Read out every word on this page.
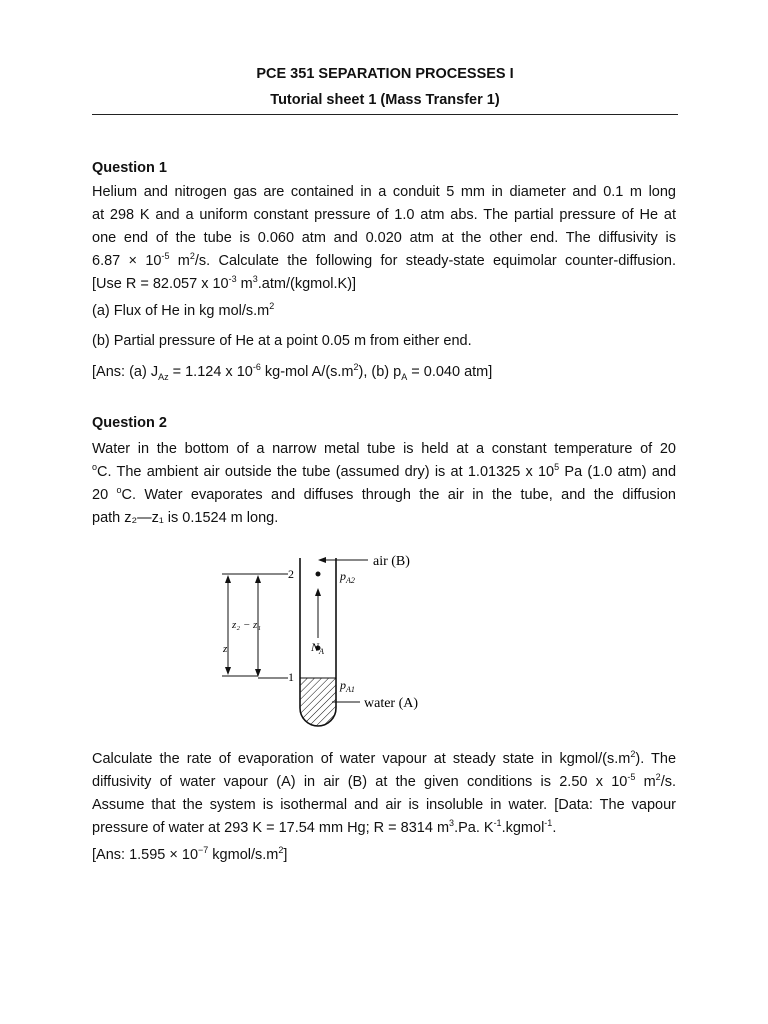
PCE 351 SEPARATION PROCESSES I
Tutorial sheet 1 (Mass Transfer 1)
Question 1
Helium and nitrogen gas are contained in a conduit 5 mm in diameter and 0.1 m long
at 298 K and a uniform constant pressure of 1.0 atm abs. The partial pressure of He at
one end of the tube is 0.060 atm and 0.020 atm at the other end. The diffusivity is
$6.87 \times 10^{-5}$ $m^2/s$. Calculate the following for steady-state equimolar counter-diffusion.
[Use R = 82.057 x $10^{-3}$ $m^3.atm/(kgmol.K)$]
(a) Flux of He in kg mol/$s.m^2$
(b) Partial pressure of He at a point 0.05 m from either end.
[Ans: (a) $J_{Az} = 1.124$ x $10^{-6}$ kg-mol $A/(s.m^2)$, (b) $p_A = 0.040$ atm]
Question 2
Water in the bottom of a narrow metal tube is held at a constant temperature of 20
$^o$C. The ambient air outside the tube (assumed dry) is at 1.01325 x $10^5$ Pa (1.0 atm) and
20 $^o$C. Water evaporates and diffuses through the air in the tube, and the diffusion
path z₂—z₁ is 0.1524 m long.
air (B)
$N_A$
$p_{A2}$
$p_{A1}$
water (A)
2
1
z₂ − z₁
z
Calculate the rate of evaporation of water vapour at steady state in kgmol/$(s.m^2)$. The
diffusivity of water vapour (A) in air (B) at the given conditions is 2.50 x $10^{-5}$ $m^2/s$.
Assume that the system is isothermal and air is insoluble in water. [Data: The vapour
pressure of water at 293 K = 17.54 mm Hg; R = 8314 $m^3.Pa$. $K^{-1}.kgmol^{-1}$.
[Ans: $1.595 \times 10^{-7}$ kgmol/$s.m^2$]
